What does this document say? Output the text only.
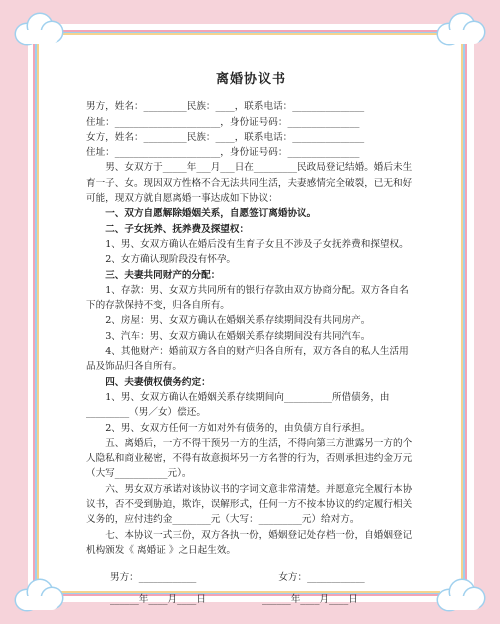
离婚协议书
男方，姓名：_________民族：____，联系电话：_______________
住址：______________________，身份证号码：_______________
女方，姓名：_________民族：____，联系电话：_______________
住址：______________________，身份证号码：_______________

男、女双方于_____年___月___日在_________民政局登记结婚。婚后未生育一子、女。现因双方性格不合无法共同生活，夫妻感情完全破裂，已无和好可能，现双方就自愿离婚一事达成如下协议：

一、双方自愿解除婚姻关系，自愿签订离婚协议。

二、子女抚养、抚养费及探望权：

1、男、女双方确认在婚后没有生育子女且不涉及子女抚养费和探望权。

2、女方确认现阶段没有怀孕。

三、夫妻共同财产的分配：

1、存款：男、女双方共同所有的银行存款由双方协商分配。双方各自名下的存款保持不变，归各自所有。

2、房屋：男、女双方确认在婚姻关系存续期间没有共同房产。

3、汽车：男、女双方确认在婚姻关系存续期间没有共同汽车。

4、其他财产：婚前双方各自的财产归各自所有，双方各自的私人生活用品及饰品归各自所有。

四、夫妻债权债务约定：

1、男、女双方确认在婚姻关系存续期间向__________所借债务，由_________（男／女）偿还。

2、男、女双方任何一方如对外有债务的，由负债方自行承担。

五、离婚后，一方不得干预另一方的生活，不得向第三方泄露另一方的个人隐私和商业秘密，不得有故意损坏另一方名誉的行为，否则承担违约金万元（大写___________元）。

六、男女双方承诺对该协议书的字词文意非常清楚。并愿意完全履行本协议书，否不受到胁迫，欺诈，误解形式，任何一方不按本协议的约定履行相关义务的，应付违约金________元（大写：_________元）给对方。

七、本协议一式三份，双方各执一份，婚姻登记处存档一份，自婚姻登记机构颁发《 离婚证 》之日起生效。

男方：____________	女方：____________
______年____月____日	______年____月____日
